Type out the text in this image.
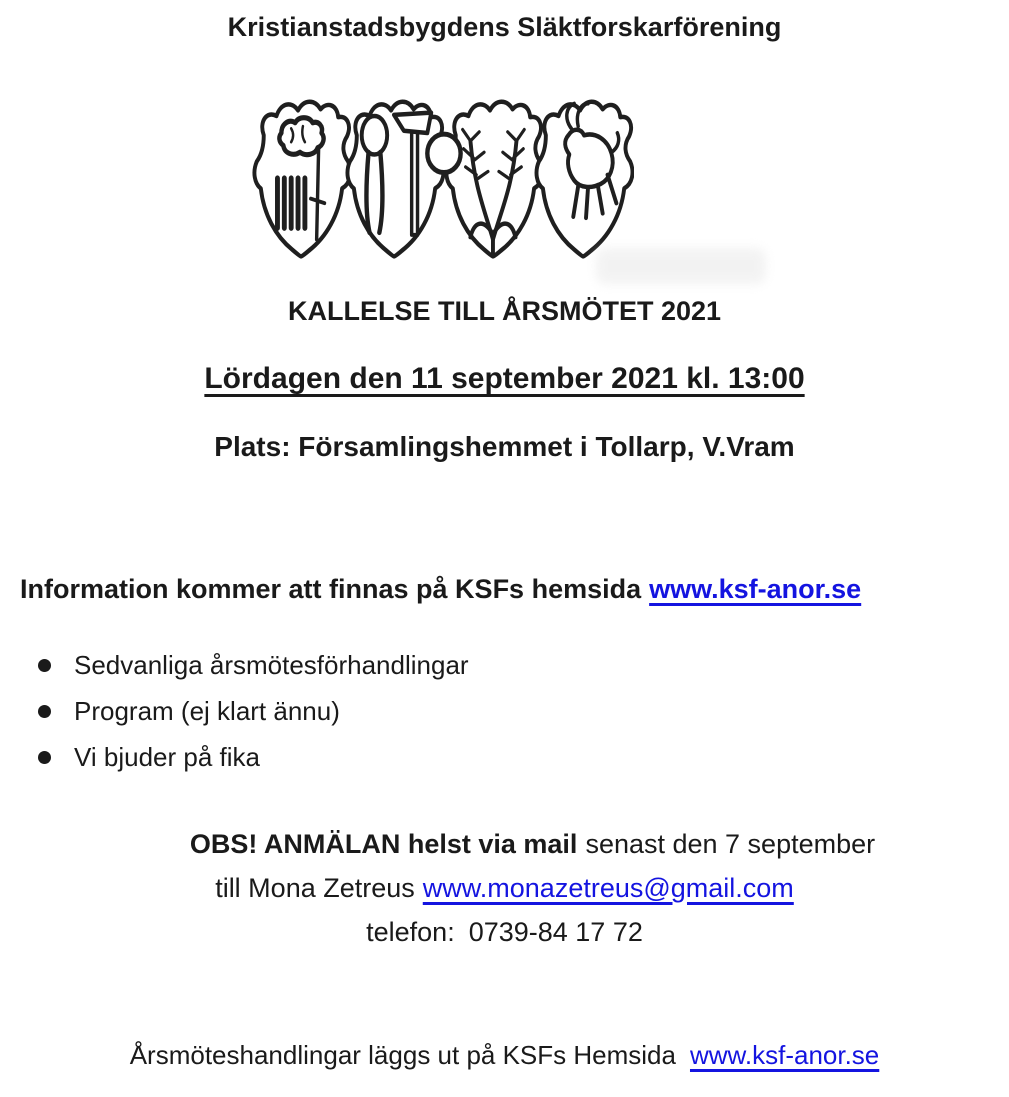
Kristianstadsbygdens Släktforskarförening
KALLELSE TILL ÅRSMÖTET 2021
Lördagen den 11 september 2021 kl. 13:00
Plats: Församlingshemmet i Tollarp, V.Vram
Information kommer att finnas på KSFs hemsida www.ksf-anor.se
Sedvanliga årsmötesförhandlingar
Program (ej klart ännu)
Vi bjuder på fika
OBS! ANMÄLAN helst via mail senast den 7 september
till Mona Zetreus www.monazetreus@gmail.com
telefon: 0739-84 17 72
Årsmöteshandlingar läggs ut på KSFs Hemsida www.ksf-anor.se
